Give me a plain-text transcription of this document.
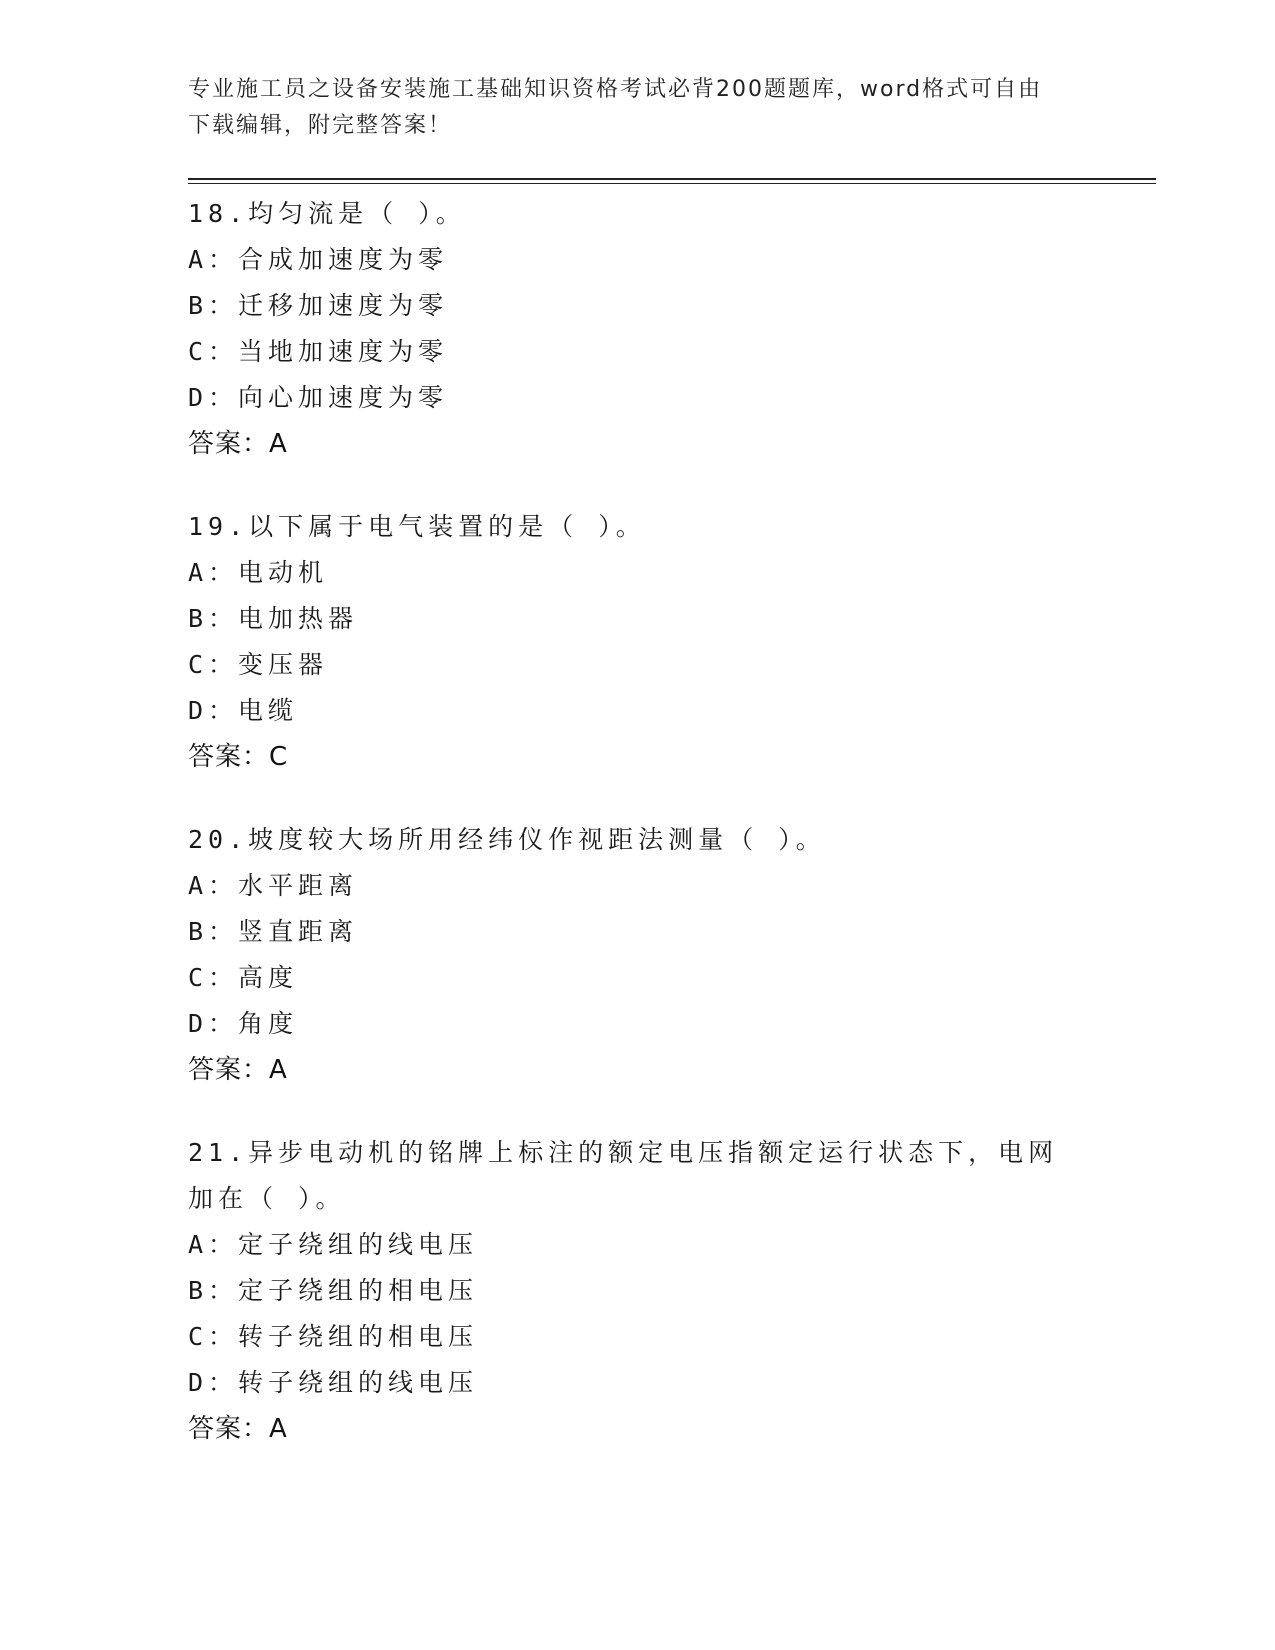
专业施工员之设备安装施工基础知识资格考试必背200题题库，word格式可自由
下载编辑，附完整答案！
18.均匀流是（ ）。
A：合成加速度为零
B：迁移加速度为零
C：当地加速度为零
D：向心加速度为零
答案：A
19.以下属于电气装置的是（ ）。
A：电动机
B：电加热器
C：变压器
D：电缆
答案：C
20.坡度较大场所用经纬仪作视距法测量（ ）。
A：水平距离
B：竖直距离
C：高度
D：角度
答案：A
21.异步电动机的铭牌上标注的额定电压指额定运行状态下，电网加在（ ）。
A：定子绕组的线电压
B：定子绕组的相电压
C：转子绕组的相电压
D：转子绕组的线电压
答案：A
